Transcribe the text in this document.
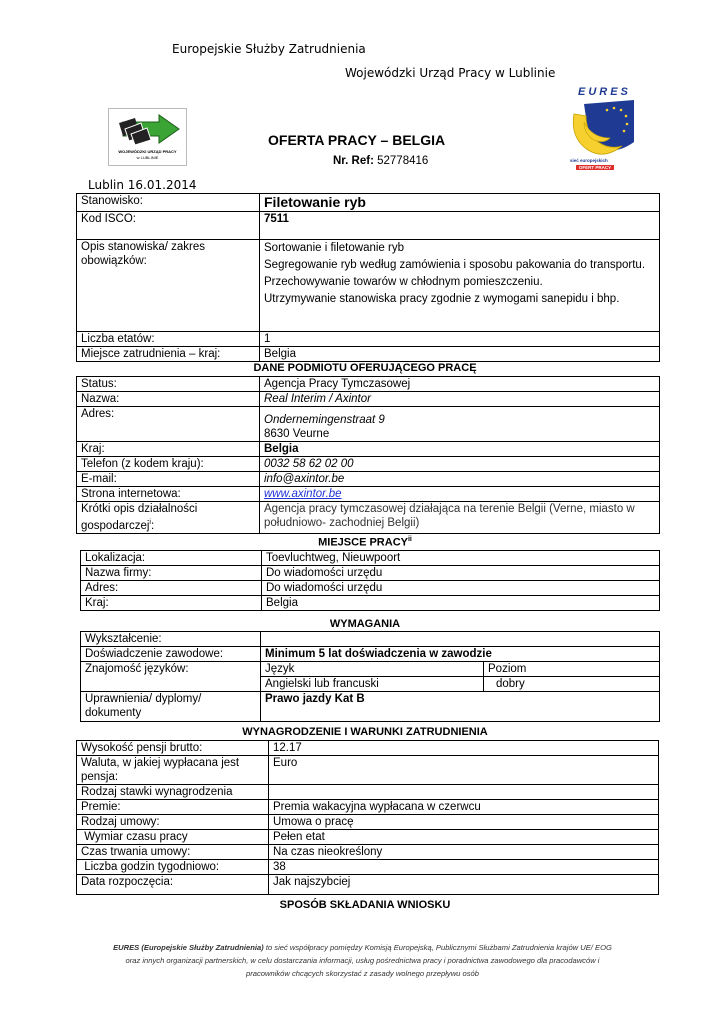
Europejskie Służby Zatrudnienia
Wojewódzki Urząd Pracy w Lublinie
WOJEWÓDZKI URZĄD PRACY
w LUBLINIE
EURES
sieć europejskich
OFERT PRACY
OFERTA PRACY – BELGIA
Nr. Ref: 52778416
Lublin 16.01.2014
Stanowisko:	Filetowanie ryb
Kod ISCO:	7511
Opis stanowiska/ zakres obowiązków:	Sortowanie i filetowanie ryb
Segregowanie ryb według zamówienia i sposobu pakowania do transportu.
Przechowywanie towarów w chłodnym pomieszczeniu.
Utrzymywanie stanowiska pracy zgodnie z wymogami sanepidu i bhp.

Liczba etatów:	1
Miejsce zatrudnienia – kraj:	Belgia
DANE PODMIOTU OFERUJĄCEGO PRACĘ
Status:	Agencja Pracy Tymczasowej
Nazwa:	Real Interim / Axintor
Adres:	Ondernemingenstraat 9
8630 Veurne

Kraj:	Belgia
Telefon (z kodem kraju):	0032 58 62 02 00
E-mail:	info@axintor.be
Strona internetowa:	www.axintor.be

Krótki opis działalności
gospodarczej$^i$:	Agencja pracy tymczasowej działająca na terenie Belgii (Verne, miasto w południowo- zachodniej Belgii)
MIEJSCE PRACY$^{ii}$
Lokalizacja:	Toevluchtweg, Nieuwpoort
Nazwa firmy:	Do wiadomości urzędu
Adres:	Do wiadomości urzędu
Kraj:	Belgia
WYMAGANIA
Wykształcenie:		
Doświadczenie zawodowe:	Minimum 5 lat doświadczenia w zawodzie	
Znajomość języków:	Język	Poziom
	Angielski lub francuski	dobry
Uprawnienia/ dyplomy/ dokumenty	Prawo jazdy Kat B	
WYNAGRODZENIE I WARUNKI ZATRUDNIENIA
Wysokość pensji brutto:	12.17
Waluta, w jakiej wypłacana jest pensja:	Euro
Rodzaj stawki wynagrodzenia	
Premie:	Premia wakacyjna wypłacana w czerwcu
Rodzaj umowy:	Umowa o pracę
Wymiar czasu pracy	Pełen etat
Czas trwania umowy:	Na czas nieokreślony
Liczba godzin tygodniowo:	38
Data rozpoczęcia:	Jak najszybciej
SPOSÓB SKŁADANIA WNIOSKU
EURES (Europejskie Służby Zatrudnienia) to sieć współpracy pomiędzy Komisją Europejską, Publicznymi Służbami Zatrudnienia krajów UE/ EOG
oraz innych organizacji partnerskich, w celu dostarczania informacji, usług pośrednictwa pracy i poradnictwa zawodowego dla pracodawców i
pracowników chcących skorzystać z zasady wolnego przepływu osób
